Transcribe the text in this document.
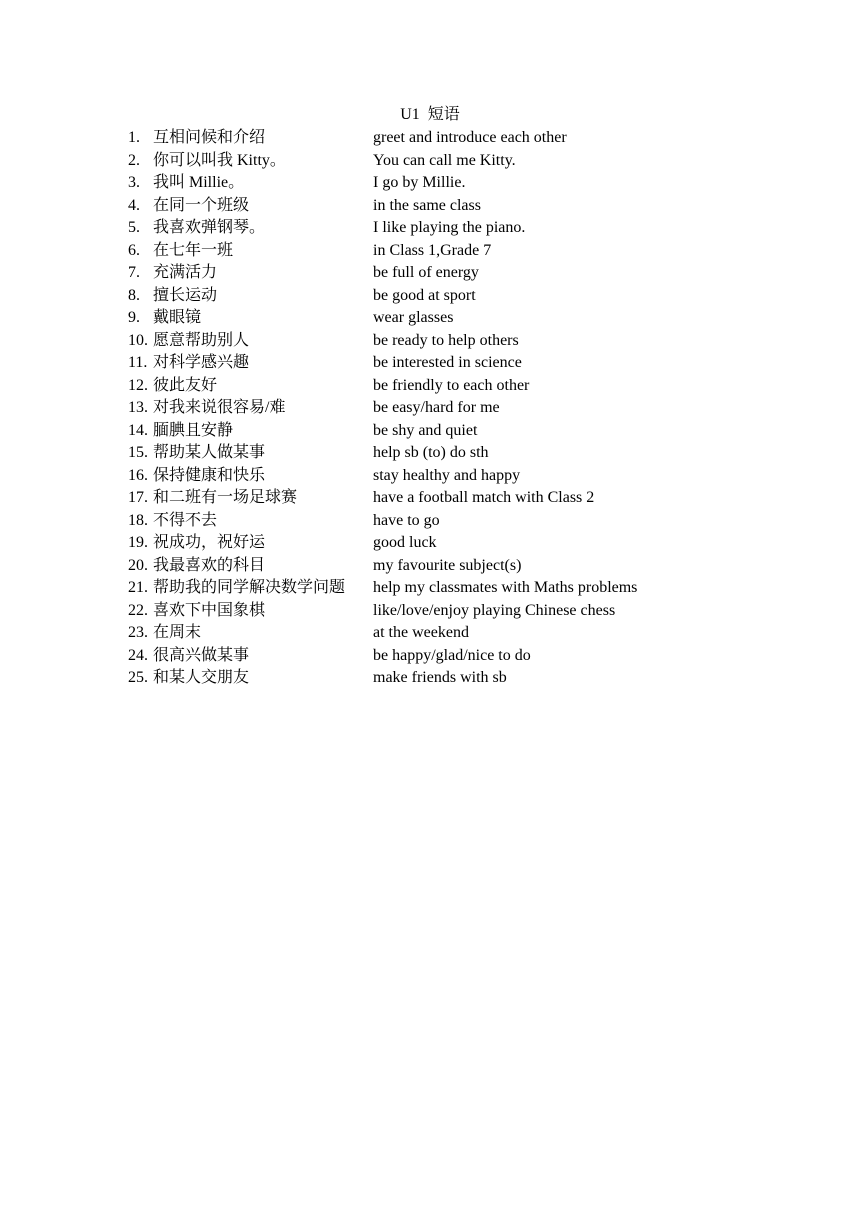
U1  短语
1. 互相问候和介绍	greet and introduce each other
2. 你可以叫我 Kitty。	You can call me Kitty.
3. 我叫 Millie。	I go by Millie.
4. 在同一个班级	in the same class
5. 我喜欢弹钢琴。	I like playing the piano.
6. 在七年一班	in Class 1,Grade 7
7. 充满活力	be full of energy
8. 擅长运动	be good at sport
9. 戴眼镜	wear glasses
10. 愿意帮助别人	be ready to help others
11. 对科学感兴趣	be interested in science
12. 彼此友好	be friendly to each other
13. 对我来说很容易/难	be easy/hard for me
14. 腼腆且安静	be shy and quiet
15. 帮助某人做某事	help sb (to) do sth
16. 保持健康和快乐	stay healthy and happy
17. 和二班有一场足球赛	have a football match with Class 2
18. 不得不去	have to go
19. 祝成功，祝好运	good luck
20. 我最喜欢的科目	my favourite subject(s)
21. 帮助我的同学解决数学问题	help my classmates with Maths problems
22. 喜欢下中国象棋	like/love/enjoy playing Chinese chess
23. 在周末	at the weekend
24. 很高兴做某事	be happy/glad/nice to do
25. 和某人交朋友	make friends with sb
